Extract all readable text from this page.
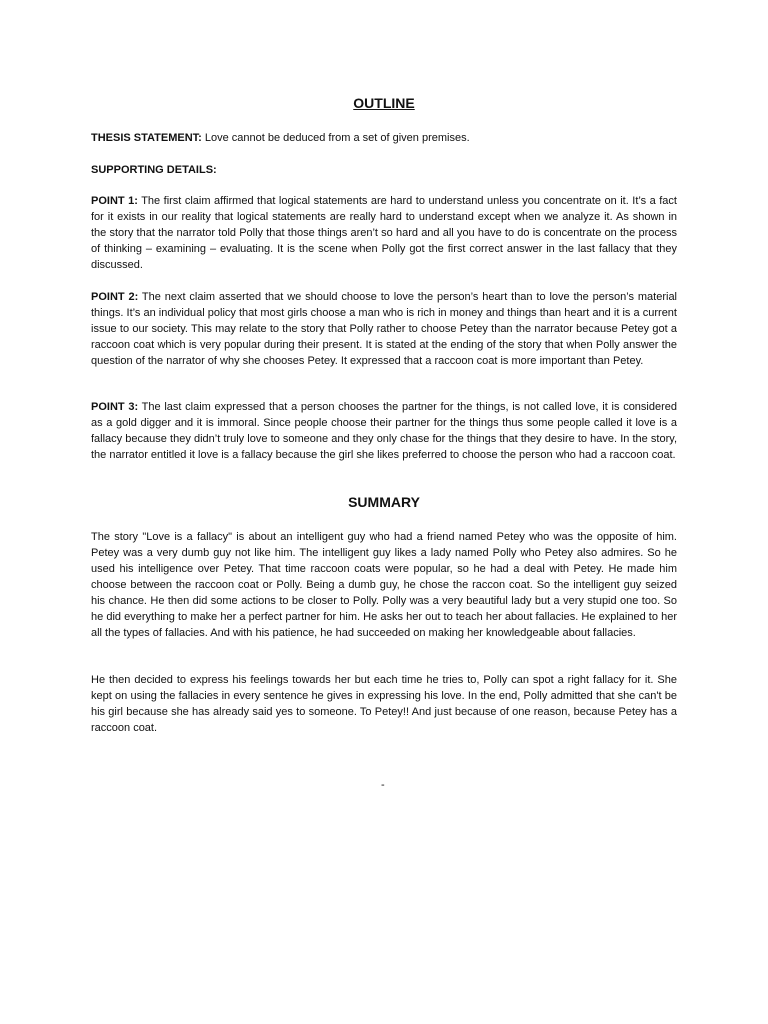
OUTLINE

THESIS STATEMENT: Love cannot be deduced from a set of given premises.

SUPPORTING DETAILS:

POINT 1: The first claim affirmed that logical statements are hard to understand unless you concentrate on it. It’s a fact for it exists in our reality that logical statements are really hard to understand except when we analyze it. As shown in the story that the narrator told Polly that those things aren’t so hard and all you have to do is concentrate on the process of thinking – examining – evaluating. It is the scene when Polly got the first correct answer in the last fallacy that they discussed.

POINT 2: The next claim asserted that we should choose to love the person’s heart than to love the person’s material things. It’s an individual policy that most girls choose a man who is rich in money and things than heart and it is a current issue to our society. This may relate to the story that Polly rather to choose Petey than the narrator because Petey got a raccoon coat which is very popular during their present. It is stated at the ending of the story that when Polly answer the question of the narrator of why she chooses Petey. It expressed that a raccoon coat is more important than Petey.

POINT 3: The last claim expressed that a person chooses the partner for the things, is not called love, it is considered as a gold digger and it is immoral. Since people choose their partner for the things thus some people called it love is a fallacy because they didn’t truly love to someone and they only chase for the things that they desire to have. In the story, the narrator entitled it love is a fallacy because the girl she likes preferred to choose the person who had a raccoon coat.

SUMMARY

The story "Love is a fallacy" is about an intelligent guy who had a friend named Petey who was the opposite of him. Petey was a very dumb guy not like him. The intelligent guy likes a lady named Polly who Petey also admires. So he used his intelligence over Petey. That time raccoon coats were popular, so he had a deal with Petey. He made him choose between the raccoon coat or Polly. Being a dumb guy, he chose the raccon coat. So the intelligent guy seized his chance. He then did some actions to be closer to Polly. Polly was a very beautiful lady but a very stupid one too. So he did everything to make her a perfect partner for him. He asks her out to teach her about fallacies. He explained to her all the types of fallacies. And with his patience, he had succeeded on making her knowledgeable about fallacies.

He then decided to express his feelings towards her but each time he tries to, Polly can spot a right fallacy for it. She kept on using the fallacies in every sentence he gives in expressing his love. In the end, Polly admitted that she can't be his girl because she has already said yes to someone. To Petey!! And just because of one reason, because Petey has a raccoon coat.

-
